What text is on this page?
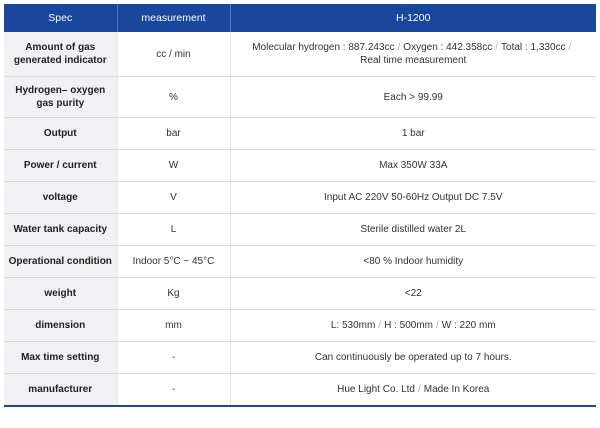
Spec	measurement	H-1200
Amount of gas
generated indicator	cc / min	Molecular hydrogen : 887.243cc / Oxygen : 442.358cc / Total : 1,330cc /
Real time measurement
Hydrogen– oxygen
gas purity	%	Each > 99.99
Output	bar	1 bar
Power / current	W	Max 350W 33A
voltage	V	Input AC 220V 50-60Hz Output DC 7.5V
Water tank capacity	L	Sterile distilled water 2L
Operational condition	Indoor 5°C ~ 45°C	<80 % Indoor humidity
weight	Kg	<22
dimension	mm	L: 530mm / H : 500mm / W : 220 mm
Max time setting	-	Can continuously be operated up to 7 hours.
manufacturer	-	Hue Light Co. Ltd / Made In Korea
